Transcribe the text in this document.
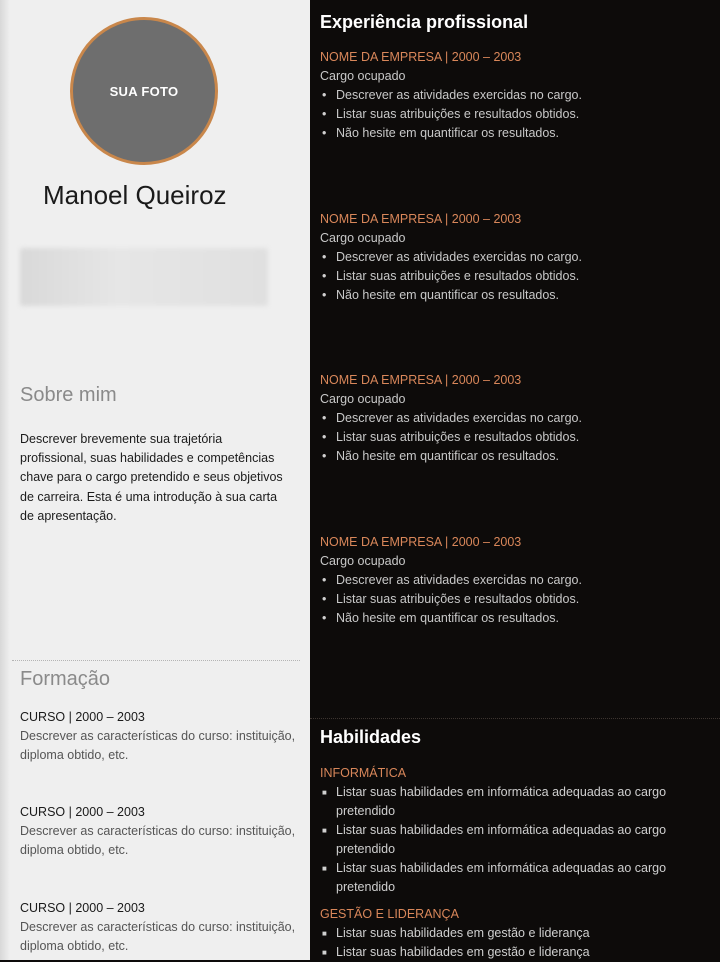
SUA FOTO
Manoel Queiroz
Sobre mim
Descrever brevemente sua trajetória profissional, suas habilidades e competências chave para o cargo pretendido e seus objetivos de carreira. Esta é uma introdução à sua carta de apresentação.
Formação
CURSO | 2000 – 2003
Descrever as características do curso: instituição, diploma obtido, etc.
CURSO | 2000 – 2003
Descrever as características do curso: instituição, diploma obtido, etc.
CURSO | 2000 – 2003
Descrever as características do curso: instituição, diploma obtido, etc.
Experiência profissional
NOME DA EMPRESA | 2000 – 2003
Cargo ocupado
• Descrever as atividades exercidas no cargo.
• Listar suas atribuições e resultados obtidos.
• Não hesite em quantificar os resultados.
NOME DA EMPRESA | 2000 – 2003
Cargo ocupado
• Descrever as atividades exercidas no cargo.
• Listar suas atribuições e resultados obtidos.
• Não hesite em quantificar os resultados.
NOME DA EMPRESA | 2000 – 2003
Cargo ocupado
• Descrever as atividades exercidas no cargo.
• Listar suas atribuições e resultados obtidos.
• Não hesite em quantificar os resultados.
NOME DA EMPRESA | 2000 – 2003
Cargo ocupado
• Descrever as atividades exercidas no cargo.
• Listar suas atribuições e resultados obtidos.
• Não hesite em quantificar os resultados.
Habilidades
INFORMÁTICA
■ Listar suas habilidades em informática adequadas ao cargo pretendido
■ Listar suas habilidades em informática adequadas ao cargo pretendido
■ Listar suas habilidades em informática adequadas ao cargo pretendido
GESTÃO E LIDERANÇA
■ Listar suas habilidades em gestão e liderança
■ Listar suas habilidades em gestão e liderança
